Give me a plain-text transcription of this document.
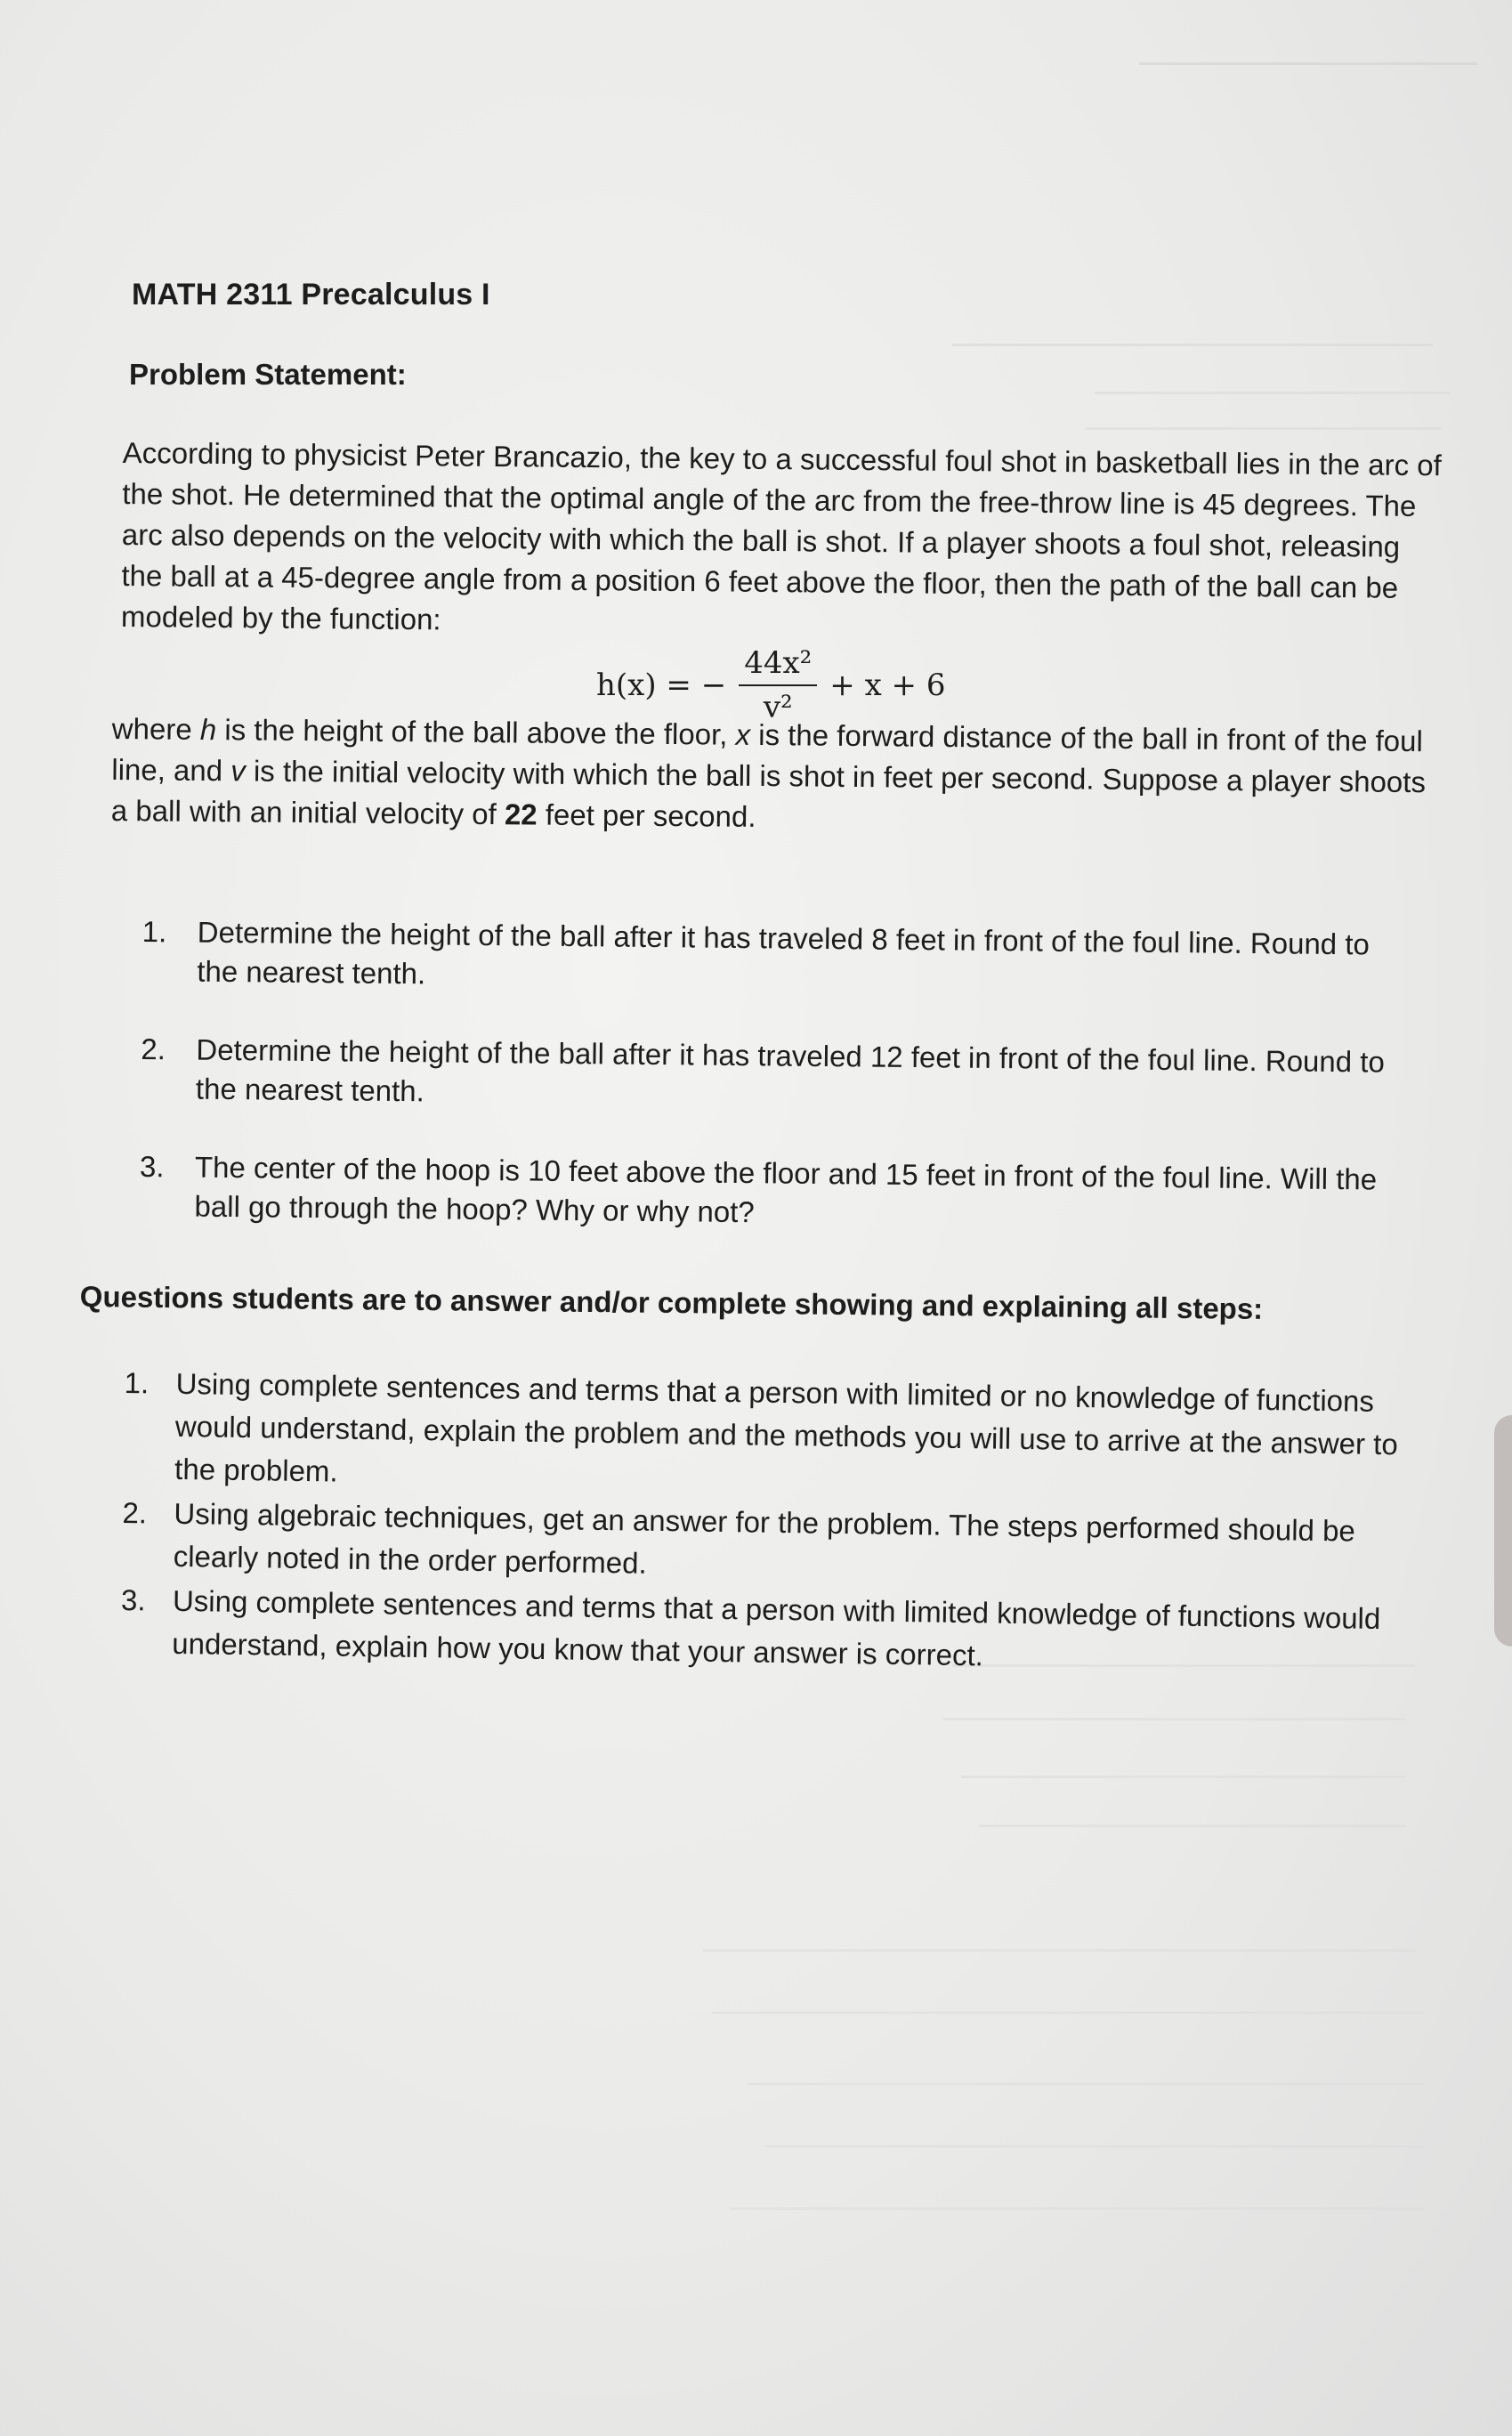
MATH 2311 Precalculus I
Problem Statement:
According to physicist Peter Brancazio, the key to a successful foul shot in basketball lies in the arc of the shot. He determined that the optimal angle of the arc from the free-throw line is 45 degrees. The arc also depends on the velocity with which the ball is shot. If a player shoots a foul shot, releasing the ball at a 45-degree angle from a position 6 feet above the floor, then the path of the ball can be modeled by the function:
h(x) = − $\frac{\text{44x²}}{\text{v²}} + x + 6$
where h is the height of the ball above the floor, x is the forward distance of the ball in front of the foul line, and v is the initial velocity with which the ball is shot in feet per second. Suppose a player shoots a ball with an initial velocity of 22 feet per second.
1.	Determine the height of the ball after it has traveled 8 feet in front of the foul line. Round to the nearest tenth.
2.	Determine the height of the ball after it has traveled 12 feet in front of the foul line. Round to the nearest tenth.
3.	The center of the hoop is 10 feet above the floor and 15 feet in front of the foul line. Will the ball go through the hoop? Why or why not?
Questions students are to answer and/or complete showing and explaining all steps:
1. Using complete sentences and terms that a person with limited or no knowledge of functions would understand, explain the problem and the methods you will use to arrive at the answer to the problem.
2. Using algebraic techniques, get an answer for the problem. The steps performed should be clearly noted in the order performed.
3. Using complete sentences and terms that a person with limited knowledge of functions would understand, explain how you know that your answer is correct.
